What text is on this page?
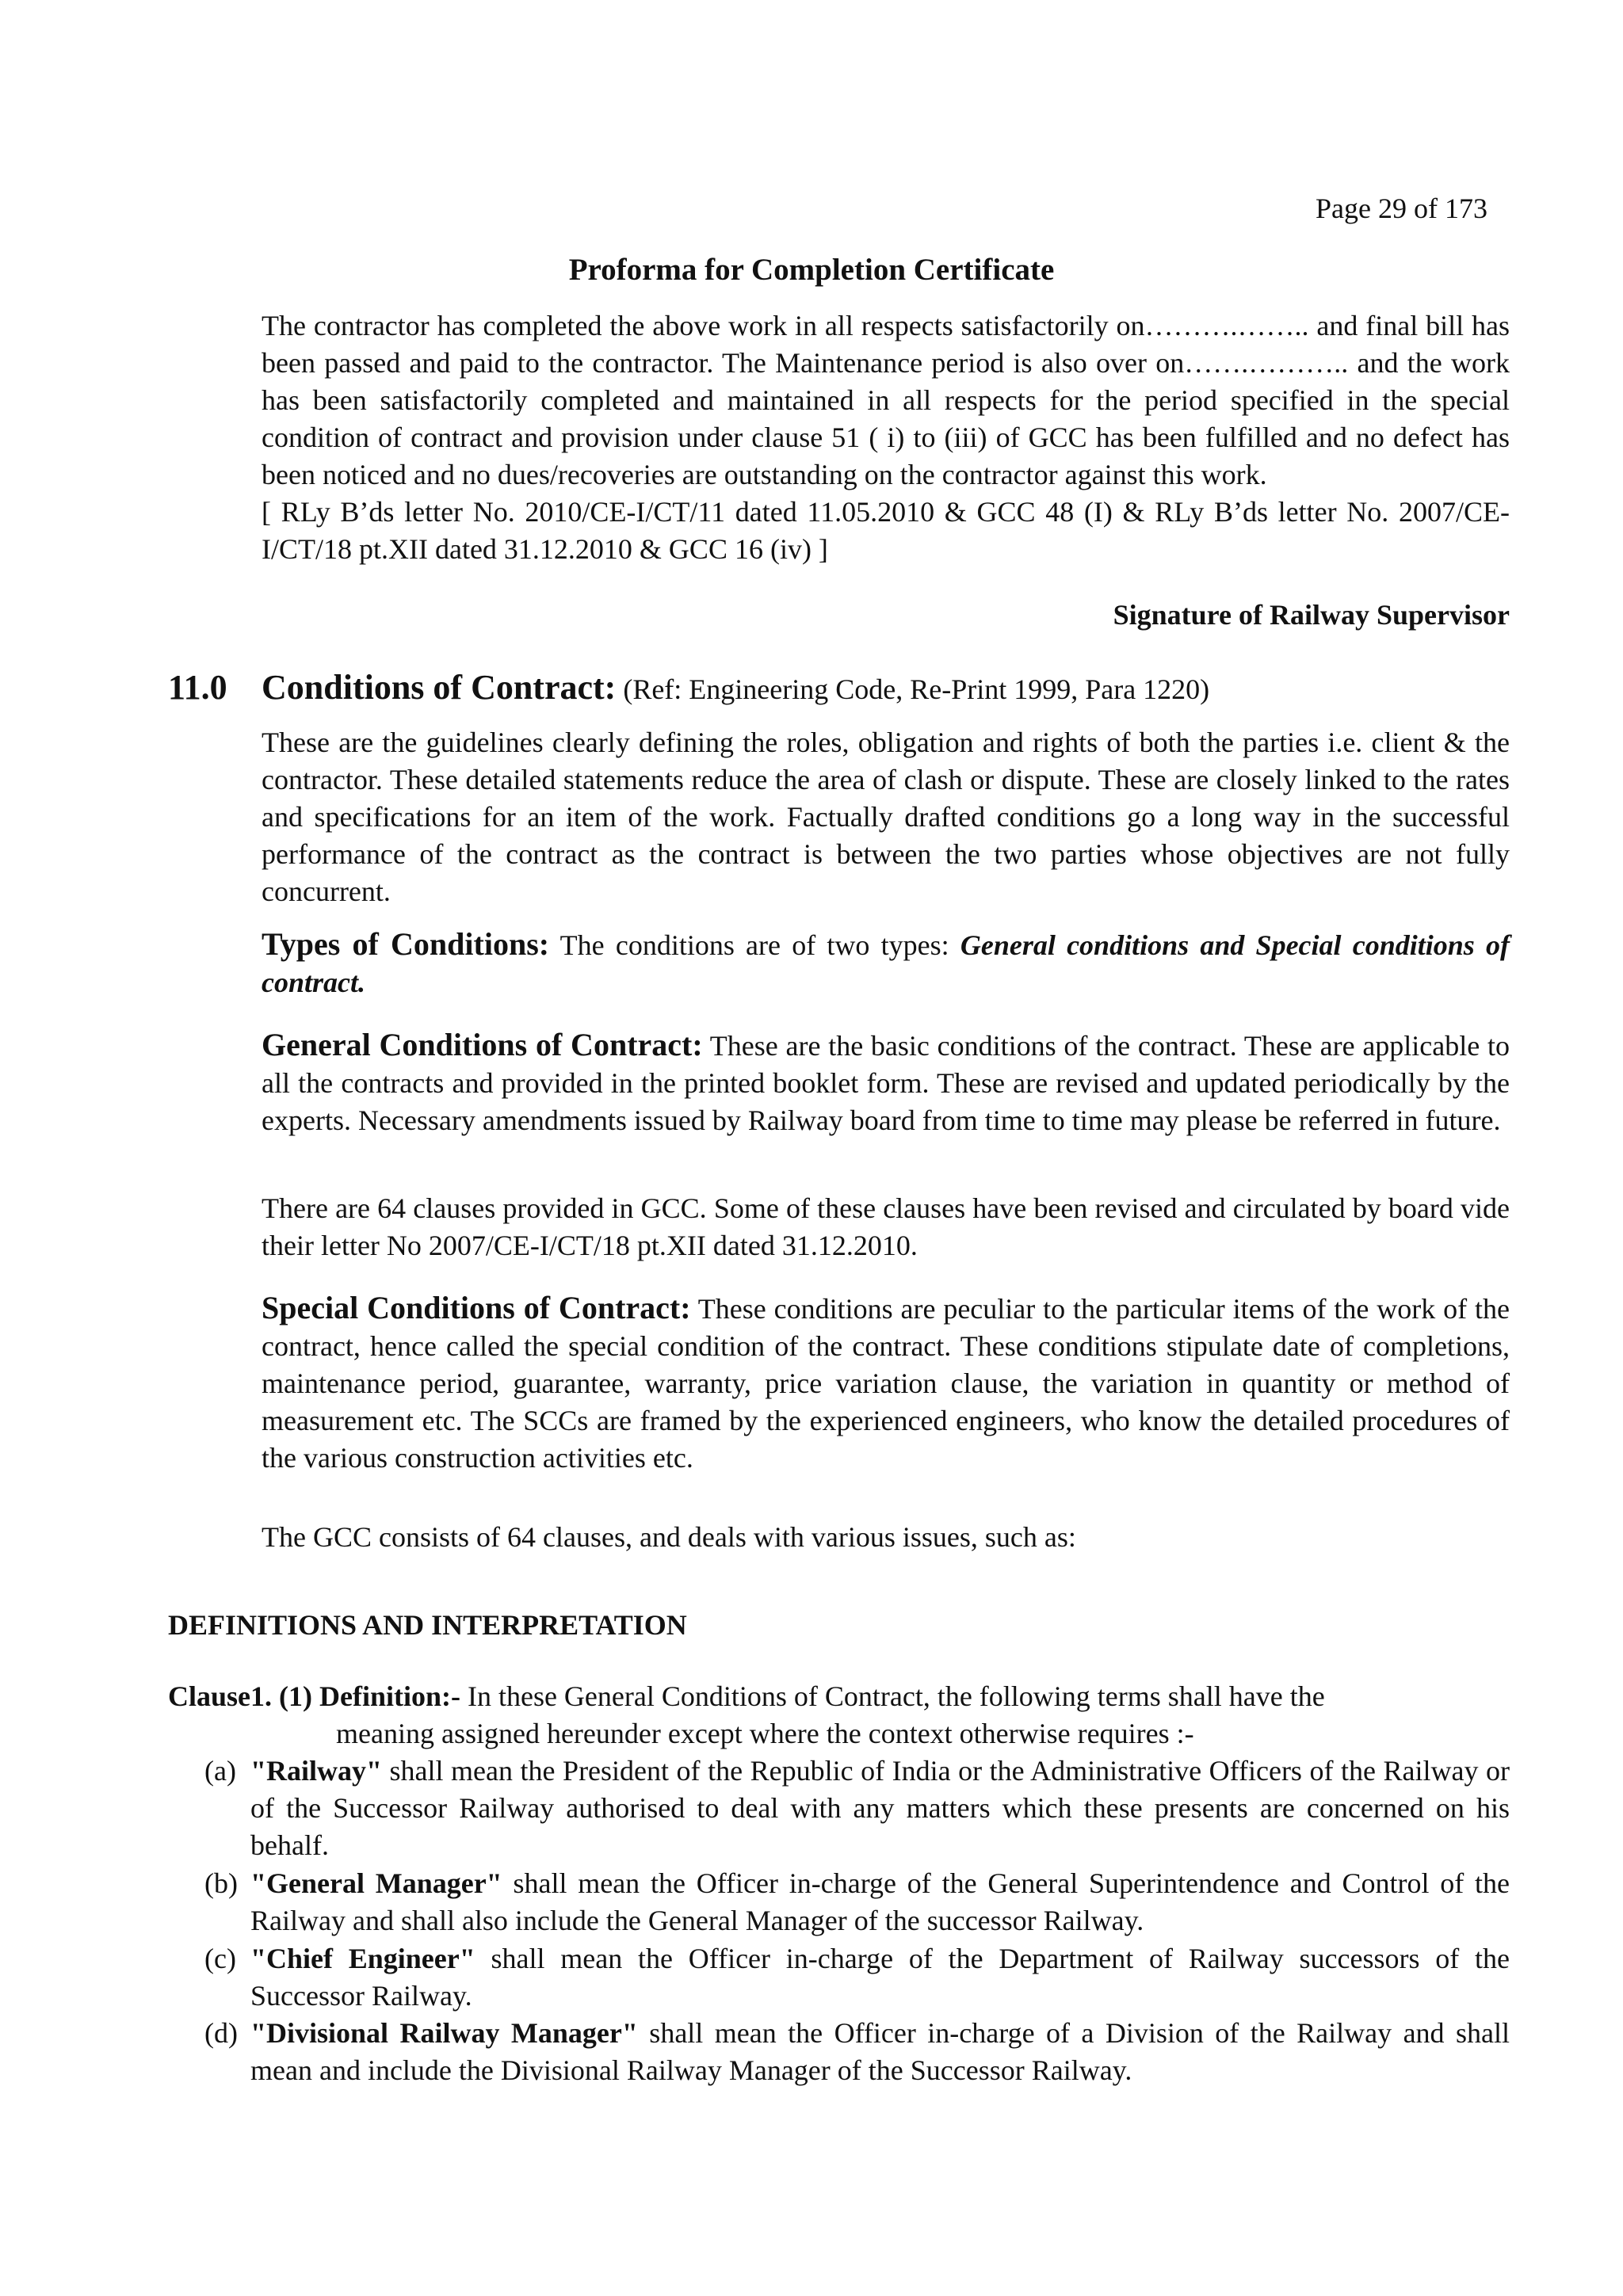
Page 29 of 173
Proforma for Completion Certificate
The contractor has completed the above work in all respects satisfactorily on……….…….. and final bill has been passed and paid to the contractor. The Maintenance period is also over on…….……….. and the work has been satisfactorily completed and maintained in all respects for the period specified in the special condition of contract and provision under clause 51 ( i) to (iii) of GCC has been fulfilled and no defect has been noticed and no dues/recoveries are outstanding on the contractor against this work.
[ RLy B’ds letter No. 2010/CE-I/CT/11 dated 11.05.2010 & GCC 48 (I) & RLy B’ds letter No. 2007/CE-I/CT/18 pt.XII dated 31.12.2010 & GCC 16 (iv) ]
Signature of Railway Supervisor
11.0 Conditions of Contract: (Ref: Engineering Code, Re-Print 1999, Para 1220)
These are the guidelines clearly defining the roles, obligation and rights of both the parties i.e. client & the contractor. These detailed statements reduce the area of clash or dispute. These are closely linked to the rates and specifications for an item of the work. Factually drafted conditions go a long way in the successful performance of the contract as the contract is between the two parties whose objectives are not fully concurrent.
Types of Conditions: The conditions are of two types: General conditions and Special conditions of contract.
General Conditions of Contract: These are the basic conditions of the contract. These are applicable to all the contracts and provided in the printed booklet form. These are revised and updated periodically by the experts. Necessary amendments issued by Railway board from time to time may please be referred in future.
There are 64 clauses provided in GCC. Some of these clauses have been revised and circulated by board vide their letter No 2007/CE-I/CT/18 pt.XII dated 31.12.2010.
Special Conditions of Contract: These conditions are peculiar to the particular items of the work of the contract, hence called the special condition of the contract. These conditions stipulate date of completions, maintenance period, guarantee, warranty, price variation clause, the variation in quantity or method of measurement etc. The SCCs are framed by the experienced engineers, who know the detailed procedures of the various construction activities etc.
The GCC consists of 64 clauses, and deals with various issues, such as:
DEFINITIONS AND INTERPRETATION
Clause1. (1) Definition:- In these General Conditions of Contract, the following terms shall have the
meaning assigned hereunder except where the context otherwise requires :-
(a) "Railway" shall mean the President of the Republic of India or the Administrative Officers of the Railway or of the Successor Railway authorised to deal with any matters which these presents are concerned on his behalf.
(b) "General Manager" shall mean the Officer in-charge of the General Superintendence and Control of the Railway and shall also include the General Manager of the successor Railway.
(c) "Chief Engineer" shall mean the Officer in-charge of the Department of Railway successors of the Successor Railway.
(d) "Divisional Railway Manager" shall mean the Officer in-charge of a Division of the Railway and shall mean and include the Divisional Railway Manager of the Successor Railway.
